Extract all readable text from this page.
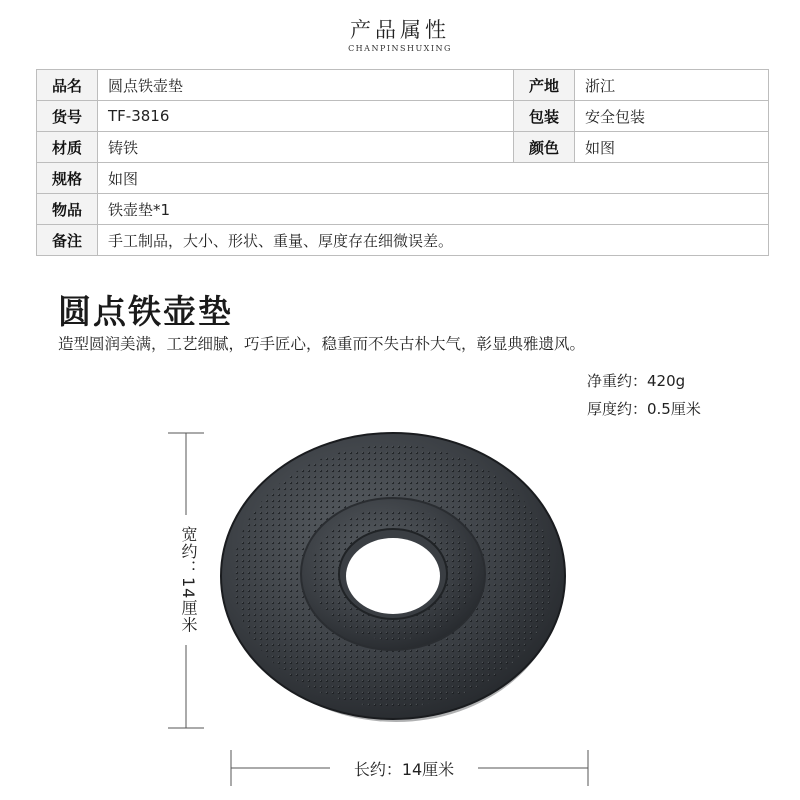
产品属性
CHANPINSHUXING
品名	圆点铁壶垫	产地	浙江
货号	TF-3816	包装	安全包装
材质	铸铁	颜色	如图
规格	如图		
物品	铁壶垫*1		
备注	手工制品，大小、形状、重量、厚度存在细微误差。		
圆点铁壶垫
造型圆润美满，工艺细腻，巧手匠心，稳重而不失古朴大气，彰显典雅遗风。
净重约：420g
厚度约：0.5厘米
宽约：14厘米
长约：14厘米
